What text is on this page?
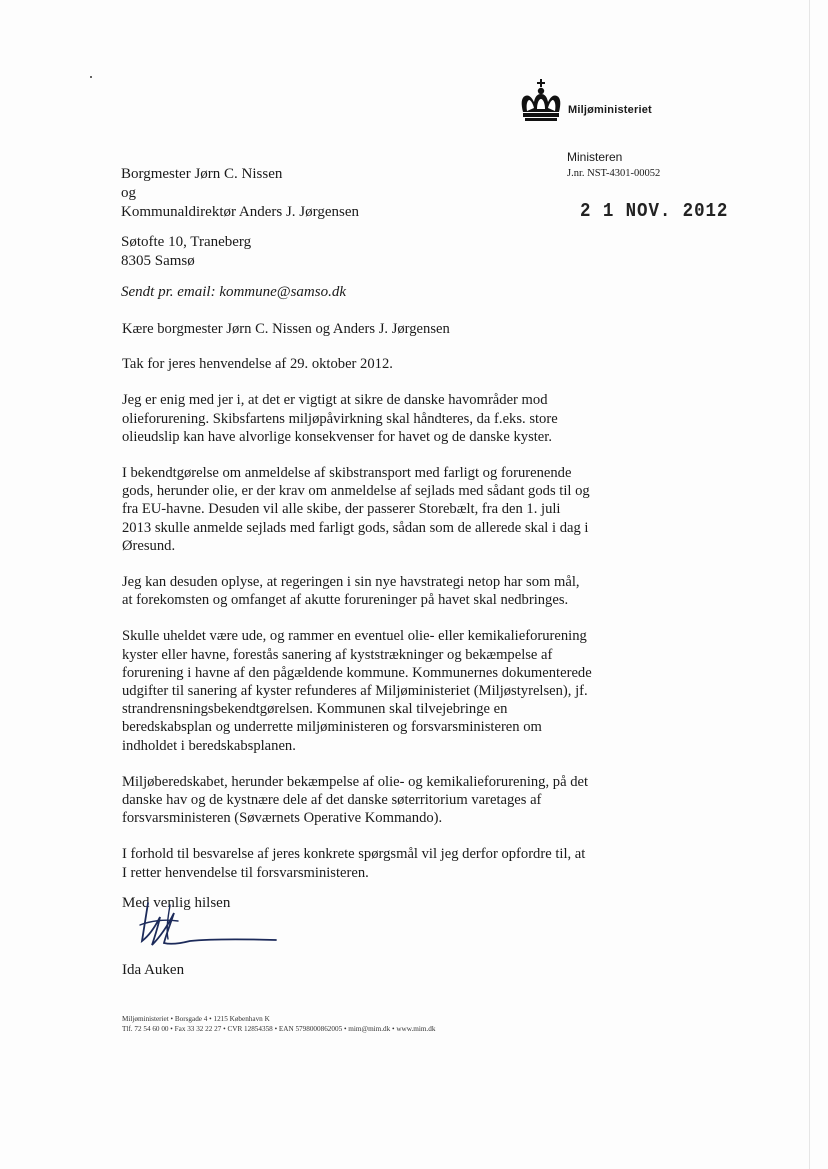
Miljøministeriet

Ministeren

J.nr. NST-4301-00052

2 1 NOV. 2012

Borgmester Jørn C. Nissen

og

Kommunaldirektør Anders J. Jørgensen

Søtofte 10, Traneberg

8305 Samsø

Sendt pr. email: kommune@samso.dk

Kære borgmester Jørn C. Nissen og Anders J. Jørgensen

Tak for jeres henvendelse af 29. oktober 2012.

Jeg er enig med jer i, at det er vigtigt at sikre de danske havområder mod olieforurening. Skibsfartens miljøpåvirkning skal håndteres, da f.eks. store olieudslip kan have alvorlige konsekvenser for havet og de danske kyster.

I bekendtgørelse om anmeldelse af skibstransport med farligt og forurenende gods, herunder olie, er der krav om anmeldelse af sejlads med sådant gods til og fra EU-havne. Desuden vil alle skibe, der passerer Storebælt, fra den 1. juli 2013 skulle anmelde sejlads med farligt gods, sådan som de allerede skal i dag i Øresund.

Jeg kan desuden oplyse, at regeringen i sin nye havstrategi netop har som mål, at forekomsten og omfanget af akutte forureninger på havet skal nedbringes.

Skulle uheldet være ude, og rammer en eventuel olie- eller kemikalieforurening kyster eller havne, forestås sanering af kyststrækninger og bekæmpelse af forurening i havne af den pågældende kommune. Kommunernes dokumenterede udgifter til sanering af kyster refunderes af Miljøministeriet (Miljøstyrelsen), jf. strandrensningsbekendtgørelsen. Kommunen skal tilvejebringe en beredskabsplan og underrette miljøministeren og forsvarsministeren om indholdet i beredskabsplanen.

Miljøberedskabet, herunder bekæmpelse af olie- og kemikalieforurening, på det danske hav og de kystnære dele af det danske søterritorium varetages af forsvarsministeren (Søværnets Operative Kommando).

I forhold til besvarelse af jeres konkrete spørgsmål vil jeg derfor opfordre til, at I retter henvendelse til forsvarsministeren.

Med venlig hilsen

Ida Auken

Miljøministeriet • Borsgade 4 • 1215 København K

Tlf. 72 54 60 00 • Fax 33 32 22 27 • CVR 12854358 • EAN 5798000862005 • mim@mim.dk • www.mim.dk
